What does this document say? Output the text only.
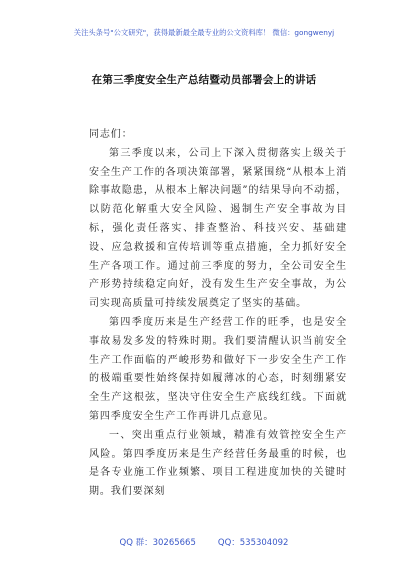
关注头条号"公文研究"，获得最新最全最专业的公文资料库！ 微信：gongwenyj
在第三季度安全生产总结暨动员部署会上的讲话

同志们：

第三季度以来，公司上下深入贯彻落实上级关于安全生产工作的各项决策部署，紧紧围绕“从根本上消除事故隐患，从根本上解决问题”的结果导向不动摇，以防范化解重大安全风险、遏制生产安全事故为目标，强化责任落实、排查整治、科技兴安、基础建设、应急救援和宣传培训等重点措施，全力抓好安全生产各项工作。通过前三季度的努力，全公司安全生产形势持续稳定向好，没有发生生产安全事故，为公司实现高质量可持续发展奠定了坚实的基础。

第四季度历来是生产经营工作的旺季，也是安全事故易发多发的特殊时期。我们要清醒认识当前安全生产工作面临的严峻形势和做好下一步安全生产工作的极端重要性始终保持如履薄冰的心态，时刻绷紧安全生产这根弦，坚决守住安全生产底线红线。下面就第四季度安全生产工作再讲几点意见。

一、突出重点行业领域，精准有效管控安全生产风险。第四季度历来是生产经营任务最重的时候，也是各专业施工作业频繁、项目工程进度加快的关键时期。我们要深刻

QQ 群：30265665	QQ：535304092
